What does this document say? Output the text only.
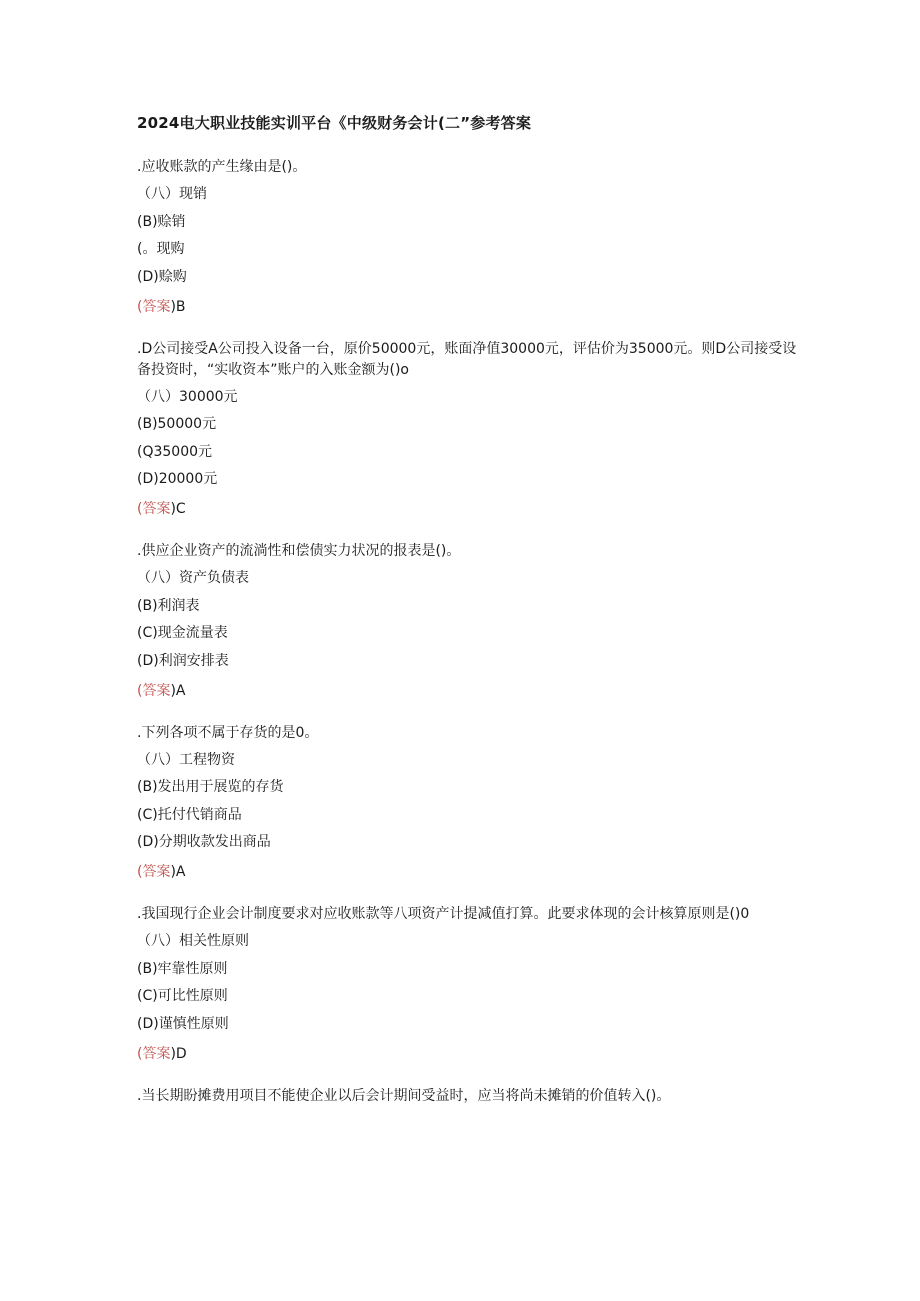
2024电大职业技能实训平台《中级财务会计(二”参考答案
.应收账款的产生缘由是()。
（八）现销
(B)赊销
(。现购
(D)赊购
(答案)B
.D公司接受A公司投入设备一台，原价50000元，账面净值30000元，评估价为35000元。则D公司接受设备投资时，“实收资本”账户的入账金额为()o
（八）30000元
(B)50000元
(Q35000元
(D)20000元
(答案)C
.供应企业资产的流淌性和偿债实力状况的报表是()。
（八）资产负债表
(B)利润表
(C)现金流量表
(D)利润安排表
(答案)A
.下列各项不属于存货的是0。
（八）工程物资
(B)发出用于展览的存货
(C)托付代销商品
(D)分期收款发出商品
(答案)A
.我国现行企业会计制度要求对应收账款等八项资产计提减值打算。此要求体现的会计核算原则是()0
（八）相关性原则
(B)牢靠性原则
(C)可比性原则
(D)谨慎性原则
(答案)D
.当长期盼摊费用项目不能使企业以后会计期间受益时，应当将尚未摊销的价值转入()。
